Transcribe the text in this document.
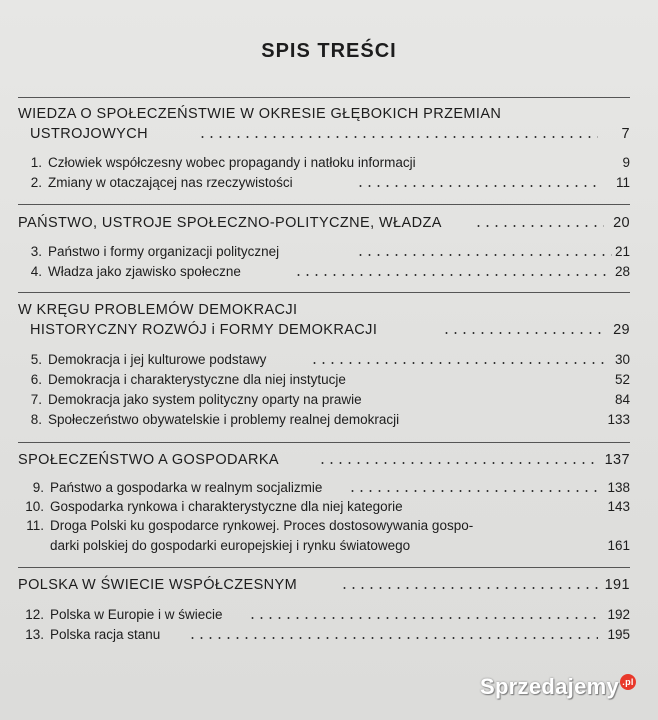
SPIS TREŚCI
WIEDZA O SPOŁECZEŃSTWIE W OKRESIE GŁĘBOKICH PRZEMIAN
USTROJOWYCH	7
1. Człowiek współczesny wobec propagandy i natłoku informacji	9
2. Zmiany w otaczającej nas rzeczywistości	11
PAŃSTWO, USTROJE SPOŁECZNO-POLITYCZNE, WŁADZA	20
3. Państwo i formy organizacji politycznej	21
4. Władza jako zjawisko społeczne	28
W KRĘGU PROBLEMÓW DEMOKRACJI
HISTORYCZNY ROZWÓJ i FORMY DEMOKRACJI	29
5. Demokracja i jej kulturowe podstawy	30
6. Demokracja i charakterystyczne dla niej instytucje	52
7. Demokracja jako system polityczny oparty na prawie	84
8. Społeczeństwo obywatelskie i problemy realnej demokracji	133
SPOŁECZEŃSTWO A GOSPODARKA	137
9. Państwo a gospodarka w realnym socjalizmie	138
10. Gospodarka rynkowa i charakterystyczne dla niej kategorie	143
11. Droga Polski ku gospodarce rynkowej. Proces dostosowywania gospo-
darki polskiej do gospodarki europejskiej i rynku światowego	161
POLSKA W ŚWIECIE WSPÓŁCZESNYM	191
12. Polska w Europie i w świecie	192
13. Polska racja stanu	195
Sprzedajemy .pl
